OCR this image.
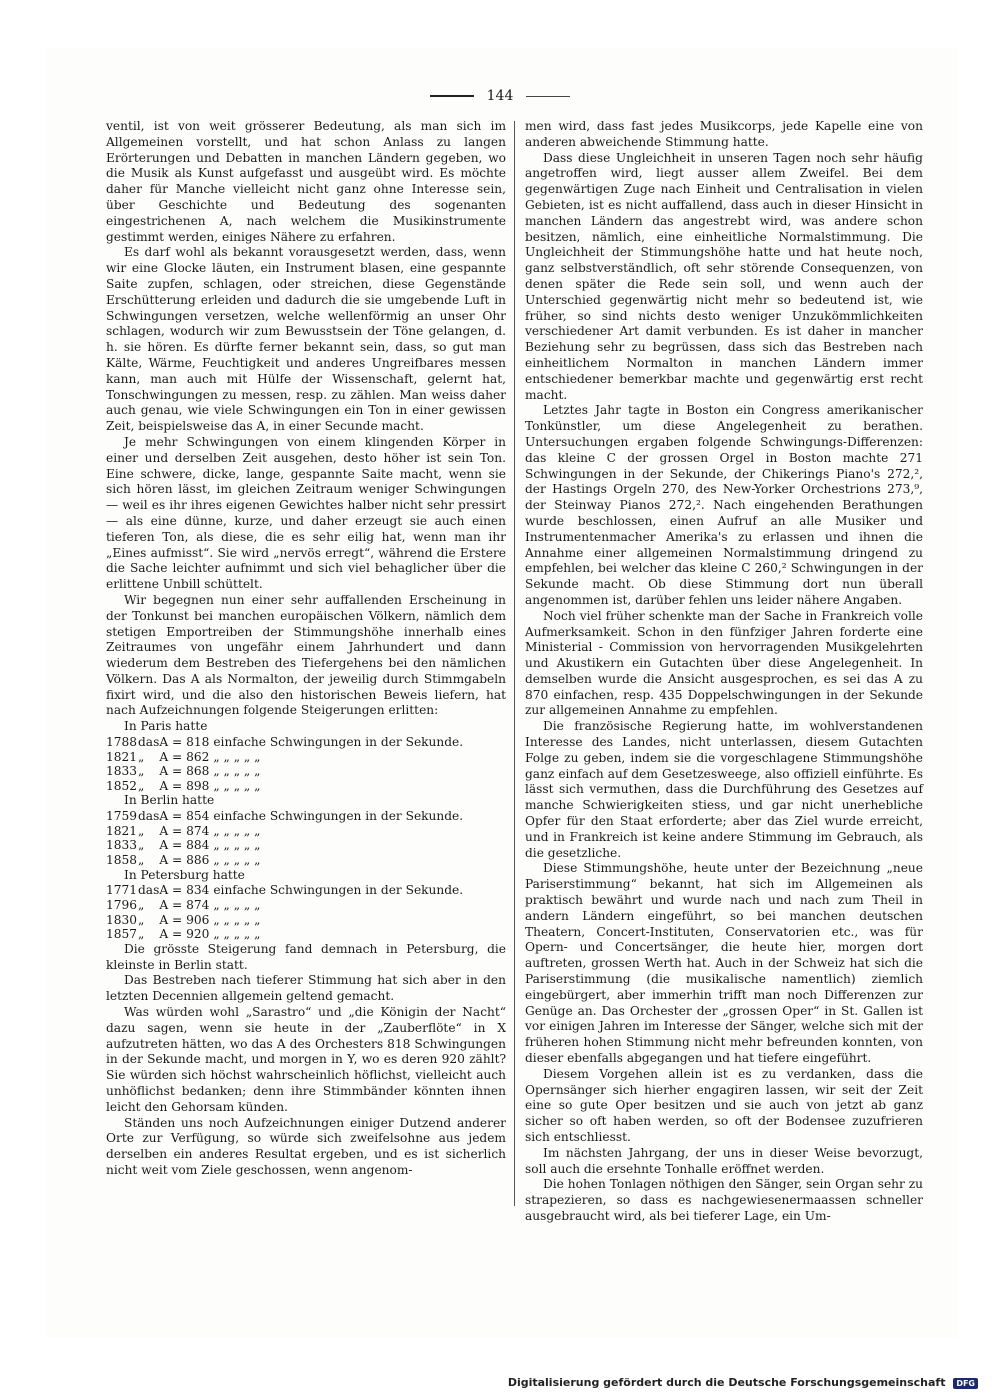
144

ventil, ist von weit grösserer Bedeutung, als man sich im Allgemeinen vorstellt, und hat schon Anlass zu langen Erörterungen und Debatten in manchen Ländern gegeben, wo die Musik als Kunst aufgefasst und ausgeübt wird. Es möchte daher für Manche vielleicht nicht ganz ohne Interesse sein, über Geschichte und Bedeutung des sogenanten eingestrichenen A, nach welchem die Musikinstrumente gestimmt werden, einiges Nähere zu erfahren.

Es darf wohl als bekannt vorausgesetzt werden, dass, wenn wir eine Glocke läuten, ein Instrument blasen, eine gespannte Saite zupfen, schlagen, oder streichen, diese Gegenstände Erschütterung erleiden und dadurch die sie umgebende Luft in Schwingungen versetzen, welche wellenförmig an unser Ohr schlagen, wodurch wir zum Bewusstsein der Töne gelangen, d. h. sie hören. Es dürfte ferner bekannt sein, dass, so gut man Kälte, Wärme, Feuchtigkeit und anderes Ungreifbares messen kann, man auch mit Hülfe der Wissenschaft, gelernt hat, Tonschwingungen zu messen, resp. zu zählen. Man weiss daher auch genau, wie viele Schwingungen ein Ton in einer gewissen Zeit, beispielsweise das A, in einer Secunde macht.

Je mehr Schwingungen von einem klingenden Körper in einer und derselben Zeit ausgehen, desto höher ist sein Ton. Eine schwere, dicke, lange, gespannte Saite macht, wenn sie sich hören lässt, im gleichen Zeitraum weniger Schwingungen — weil es ihr ihres eigenen Gewichtes halber nicht sehr pressirt — als eine dünne, kurze, und daher erzeugt sie auch einen tieferen Ton, als diese, die es sehr eilig hat, wenn man ihr „Eines aufmisst“. Sie wird „nervös erregt“, während die Erstere die Sache leichter aufnimmt und sich viel behaglicher über die erlittene Unbill schüttelt.

Wir begegnen nun einer sehr auffallenden Erscheinung in der Tonkunst bei manchen europäischen Völkern, nämlich dem stetigen Emportreiben der Stimmungshöhe innerhalb eines Zeitraumes von ungefähr einem Jahrhundert und dann wiederum dem Bestreben des Tiefergehens bei den nämlichen Völkern. Das A als Normalton, der jeweilig durch Stimmgabeln fixirt wird, und die also den historischen Beweis liefern, hat nach Aufzeichnungen folgende Steigerungen erlitten:

In Paris hatte

1788	das	A = 818	einfache Schwingungen in der Sekunde.
1821	„	A = 862	„ „ „ „ „
1833	„	A = 868	„ „ „ „ „
1852	„	A = 898	„ „ „ „ „

In Berlin hatte

1759	das	A = 854	einfache Schwingungen in der Sekunde.
1821	„	A = 874	„ „ „ „ „
1833	„	A = 884	„ „ „ „ „
1858	„	A = 886	„ „ „ „ „

In Petersburg hatte

1771	das	A = 834	einfache Schwingungen in der Sekunde.
1796	„	A = 874	„ „ „ „ „
1830	„	A = 906	„ „ „ „ „
1857	„	A = 920	„ „ „ „ „

Die grösste Steigerung fand demnach in Petersburg, die kleinste in Berlin statt.

Das Bestreben nach tieferer Stimmung hat sich aber in den letzten Decennien allgemein geltend gemacht.

Was würden wohl „Sarastro“ und „die Königin der Nacht“ dazu sagen, wenn sie heute in der „Zauberflöte“ in X aufzutreten hätten, wo das A des Orchesters 818 Schwingungen in der Sekunde macht, und morgen in Y, wo es deren 920 zählt? Sie würden sich höchst wahrscheinlich höflichst, vielleicht auch unhöflichst bedanken; denn ihre Stimmbänder könnten ihnen leicht den Gehorsam künden.

Ständen uns noch Aufzeichnungen einiger Dutzend anderer Orte zur Verfügung, so würde sich zweifelsohne aus jedem derselben ein anderes Resultat ergeben, und es ist sicherlich nicht weit vom Ziele geschossen, wenn angenom-

men wird, dass fast jedes Musikcorps, jede Kapelle eine von anderen abweichende Stimmung hatte.

Dass diese Ungleichheit in unseren Tagen noch sehr häufig angetroffen wird, liegt ausser allem Zweifel. Bei dem gegenwärtigen Zuge nach Einheit und Centralisation in vielen Gebieten, ist es nicht auffallend, dass auch in dieser Hinsicht in manchen Ländern das angestrebt wird, was andere schon besitzen, nämlich, eine einheitliche Normalstimmung. Die Ungleichheit der Stimmungshöhe hatte und hat heute noch, ganz selbstverständlich, oft sehr störende Consequenzen, von denen später die Rede sein soll, und wenn auch der Unterschied gegenwärtig nicht mehr so bedeutend ist, wie früher, so sind nichts desto weniger Unzukömmlichkeiten verschiedener Art damit verbunden. Es ist daher in mancher Beziehung sehr zu begrüssen, dass sich das Bestreben nach einheitlichem Normalton in manchen Ländern immer entschiedener bemerkbar machte und gegenwärtig erst recht macht.

Letztes Jahr tagte in Boston ein Congress amerikanischer Tonkünstler, um diese Angelegenheit zu berathen. Untersuchungen ergaben folgende Schwingungs-Differenzen: das kleine C der grossen Orgel in Boston machte 271 Schwingungen in der Sekunde, der Chikerings Piano's 272,², der Hastings Orgeln 270, des New-Yorker Orchestrions 273,⁹, der Steinway Pianos 272,². Nach eingehenden Berathungen wurde beschlossen, einen Aufruf an alle Musiker und Instrumentenmacher Amerika's zu erlassen und ihnen die Annahme einer allgemeinen Normalstimmung dringend zu empfehlen, bei welcher das kleine C 260,² Schwingungen in der Sekunde macht. Ob diese Stimmung dort nun überall angenommen ist, darüber fehlen uns leider nähere Angaben.

Noch viel früher schenkte man der Sache in Frankreich volle Aufmerksamkeit. Schon in den fünfziger Jahren forderte eine Ministerial - Commission von hervorragenden Musikgelehrten und Akustikern ein Gutachten über diese Angelegenheit. In demselben wurde die Ansicht ausgesprochen, es sei das A zu 870 einfachen, resp. 435 Doppelschwingungen in der Sekunde zur allgemeinen Annahme zu empfehlen.

Die französische Regierung hatte, im wohlverstandenen Interesse des Landes, nicht unterlassen, diesem Gutachten Folge zu geben, indem sie die vorgeschlagene Stimmungshöhe ganz einfach auf dem Gesetzesweege, also offiziell einführte. Es lässt sich vermuthen, dass die Durchführung des Gesetzes auf manche Schwierigkeiten stiess, und gar nicht unerhebliche Opfer für den Staat erforderte; aber das Ziel wurde erreicht, und in Frankreich ist keine andere Stimmung im Gebrauch, als die gesetzliche.

Diese Stimmungshöhe, heute unter der Bezeichnung „neue Pariserstimmung“ bekannt, hat sich im Allgemeinen als praktisch bewährt und wurde nach und nach zum Theil in andern Ländern eingeführt, so bei manchen deutschen Theatern, Concert-Instituten, Conservatorien etc., was für Opern- und Concertsänger, die heute hier, morgen dort auftreten, grossen Werth hat. Auch in der Schweiz hat sich die Pariserstimmung (die musikalische namentlich) ziemlich eingebürgert, aber immerhin trifft man noch Differenzen zur Genüge an. Das Orchester der „grossen Oper“ in St. Gallen ist vor einigen Jahren im Interesse der Sänger, welche sich mit der früheren hohen Stimmung nicht mehr befreunden konnten, von dieser ebenfalls abgegangen und hat tiefere eingeführt.

Diesem Vorgehen allein ist es zu verdanken, dass die Opernsänger sich hierher engagiren lassen, wir seit der Zeit eine so gute Oper besitzen und sie auch von jetzt ab ganz sicher so oft haben werden, so oft der Bodensee zuzufrieren sich entschliesst.

Im nächsten Jahrgang, der uns in dieser Weise bevorzugt, soll auch die ersehnte Tonhalle eröffnet werden.

Die hohen Tonlagen nöthigen den Sänger, sein Organ sehr zu strapezieren, so dass es nachgewiesenermaassen schneller ausgebraucht wird, als bei tieferer Lage, ein Um-

Digitalisierung gefördert durch die Deutsche Forschungsgemeinschaft DFG
